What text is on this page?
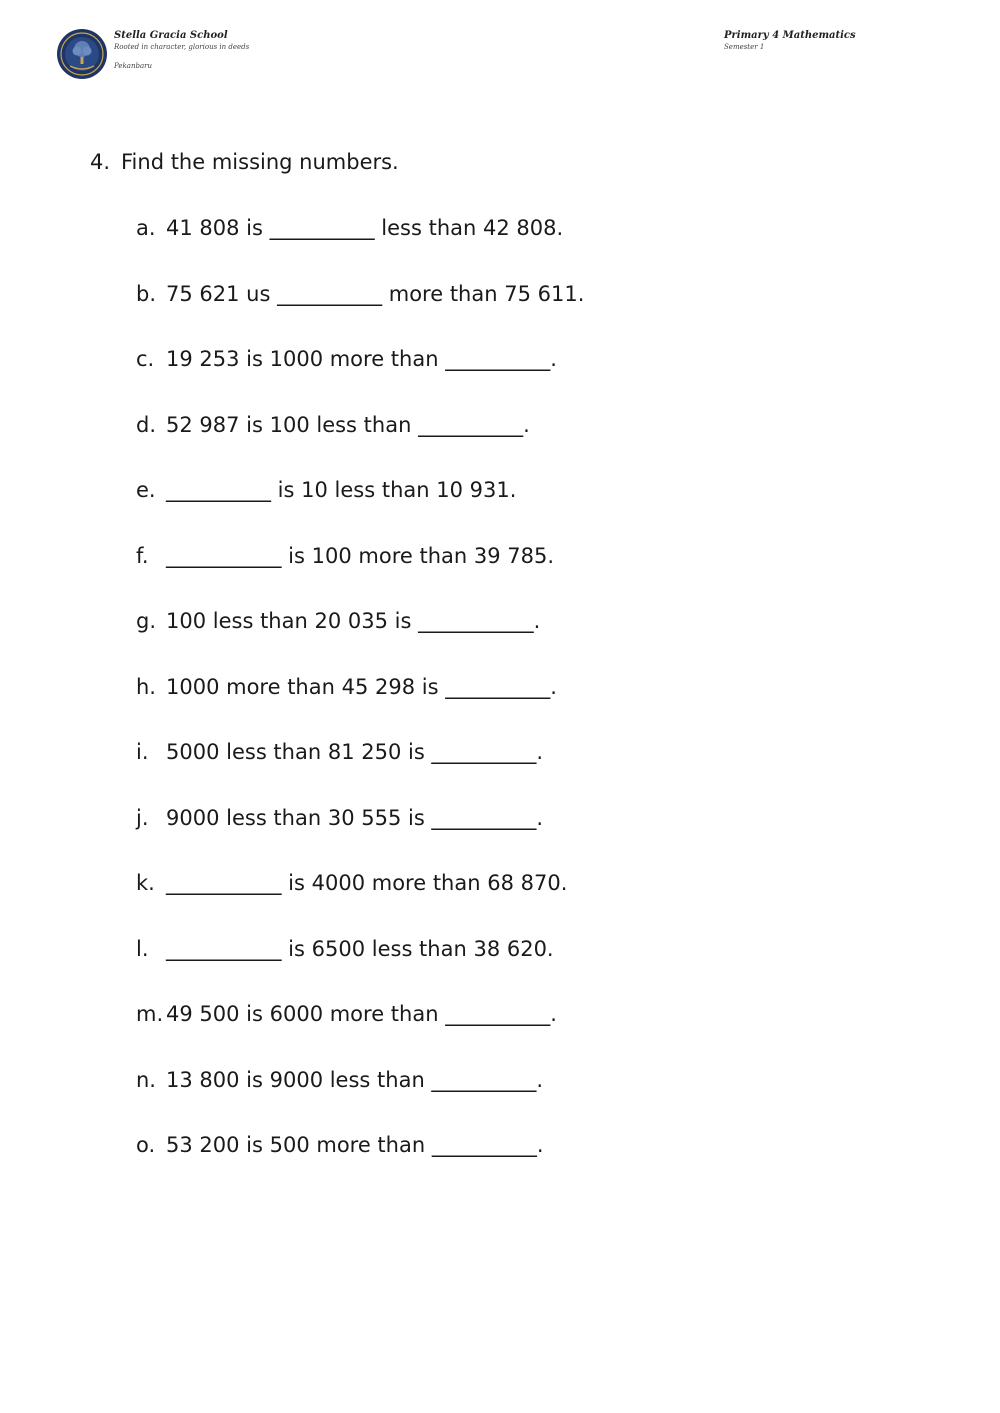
Stella Gracia School
Rooted in character, glorious in deeds
Pekanbaru
Primary 4 Mathematics
Semester 1
4. Find the missing numbers.
a. 41 808 is __________ less than 42 808.
b. 75 621 us __________ more than 75 611.
c. 19 253 is 1000 more than __________.
d. 52 987 is 100 less than __________.
e. __________ is 10 less than 10 931.
f. ___________ is 100 more than 39 785.
g. 100 less than 20 035 is ___________.
h. 1000 more than 45 298 is __________.
i. 5000 less than 81 250 is __________.
j. 9000 less than 30 555 is __________.
k. ___________ is 4000 more than 68 870.
l. ___________ is 6500 less than 38 620.
m. 49 500 is 6000 more than __________.
n. 13 800 is 9000 less than __________.
o. 53 200 is 500 more than __________.
